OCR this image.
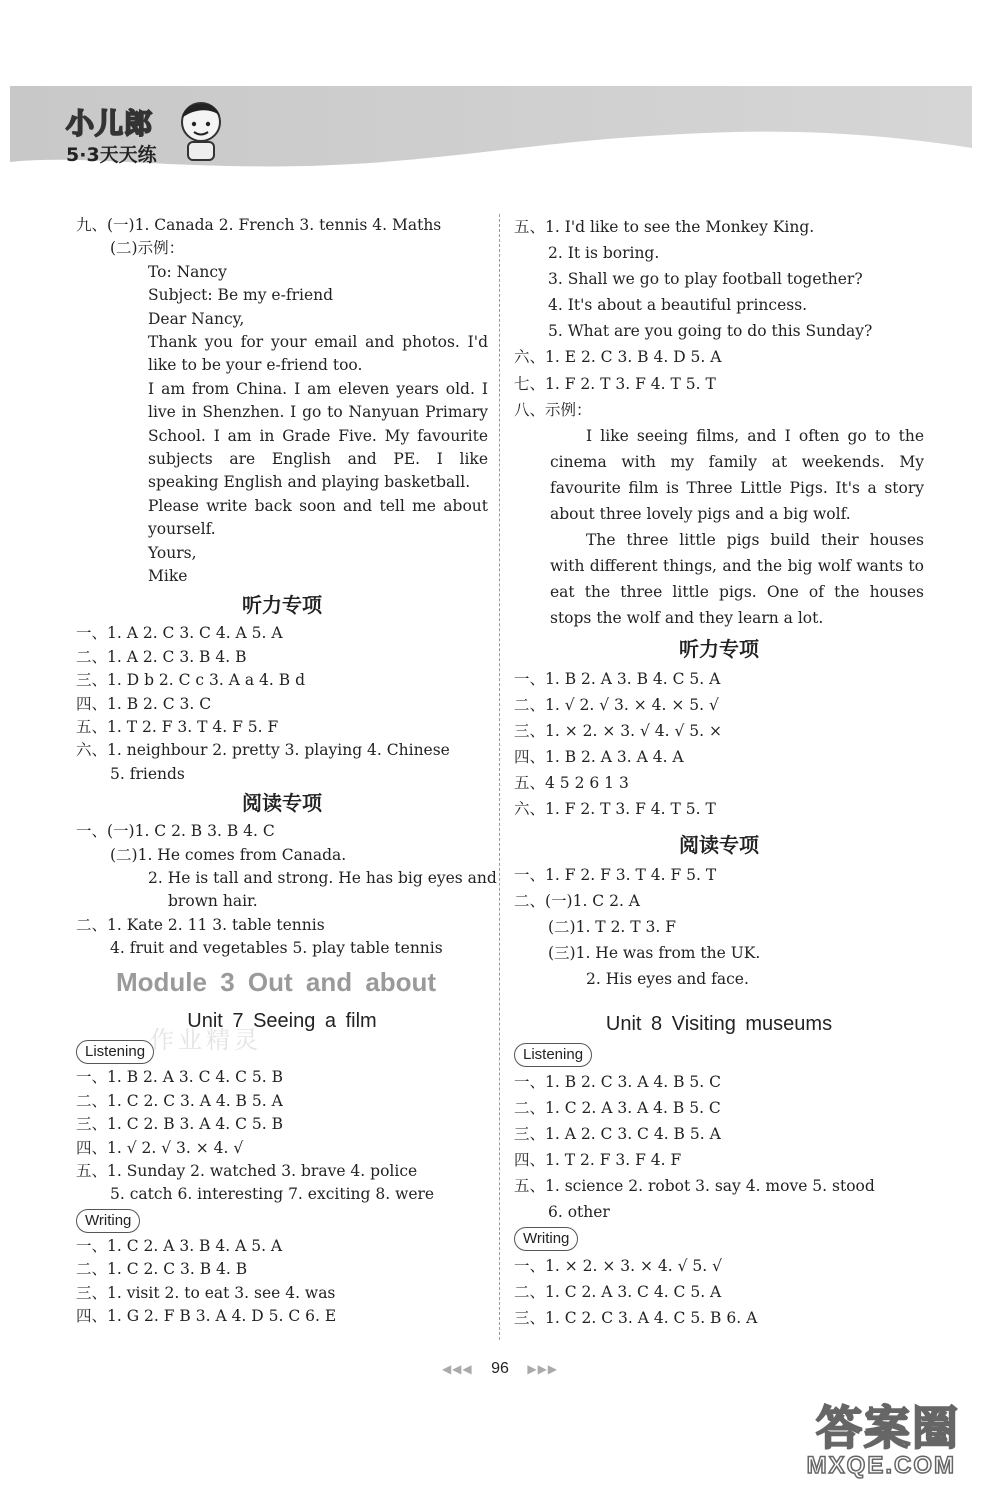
小儿郎
5·3天天练
九、(一)1. Canada 2. French 3. tennis 4. Maths
(二)示例：
To: Nancy
Subject: Be my e-friend
Dear Nancy,
Thank you for your email and photos. I'd like to be your e-friend too.
I am from China. I am eleven years old. I live in Shenzhen. I go to Nanyuan Primary School. I am in Grade Five. My favourite subjects are English and PE. I like speaking English and playing basketball.
Please write back soon and tell me about yourself.
Yours,
Mike
听力专项
一、1. A 2. C 3. C 4. A 5. A
二、1. A 2. C 3. B 4. B
三、1. D b 2. C c 3. A a 4. B d
四、1. B 2. C 3. C
五、1. T 2. F 3. T 4. F 5. F
六、1. neighbour 2. pretty 3. playing 4. Chinese
5. friends
阅读专项
一、(一)1. C 2. B 3. B 4. C
(二)1. He comes from Canada.
2. He is tall and strong. He has big eyes and
brown hair.
二、1. Kate 2. 11 3. table tennis
4. fruit and vegetables 5. play table tennis
Module 3 Out and about
Unit 7 Seeing a film
Listening
一、1. B 2. A 3. C 4. C 5. B
二、1. C 2. C 3. A 4. B 5. A
三、1. C 2. B 3. A 4. C 5. B
四、1. √ 2. √ 3. × 4. √
五、1. Sunday 2. watched 3. brave 4. police
5. catch 6. interesting 7. exciting 8. were
Writing
一、1. C 2. A 3. B 4. A 5. A
二、1. C 2. C 3. B 4. B
三、1. visit 2. to eat 3. see 4. was
四、1. G 2. F B 3. A 4. D 5. C 6. E
五、1. I'd like to see the Monkey King.
2. It is boring.
3. Shall we go to play football together?
4. It's about a beautiful princess.
5. What are you going to do this Sunday?
六、1. E 2. C 3. B 4. D 5. A
七、1. F 2. T 3. F 4. T 5. T
八、示例：
I like seeing films, and I often go to the cinema with my family at weekends. My favourite film is Three Little Pigs. It's a story about three lovely pigs and a big wolf.
The three little pigs build their houses with different things, and the big wolf wants to eat the three little pigs. One of the houses stops the wolf and they learn a lot.
听力专项
一、1. B 2. A 3. B 4. C 5. A
二、1. √ 2. √ 3. × 4. × 5. √
三、1. × 2. × 3. √ 4. √ 5. ×
四、1. B 2. A 3. A 4. A
五、4 5 2 6 1 3
六、1. F 2. T 3. F 4. T 5. T
阅读专项
一、1. F 2. F 3. T 4. F 5. T
二、(一)1. C 2. A
(二)1. T 2. T 3. F
(三)1. He was from the UK.
2. His eyes and face.
Unit 8 Visiting museums
Listening
一、1. B 2. C 3. A 4. B 5. C
二、1. C 2. A 3. A 4. B 5. C
三、1. A 2. C 3. C 4. B 5. A
四、1. T 2. F 3. F 4. F
五、1. science 2. robot 3. say 4. move 5. stood
6. other
Writing
一、1. × 2. × 3. × 4. √ 5. √
二、1. C 2. A 3. C 4. C 5. A
三、1. C 2. C 3. A 4. C 5. B 6. A
作业精灵
◀◀◀ 96 ▶▶▶
答案圈
MXQE.COM
